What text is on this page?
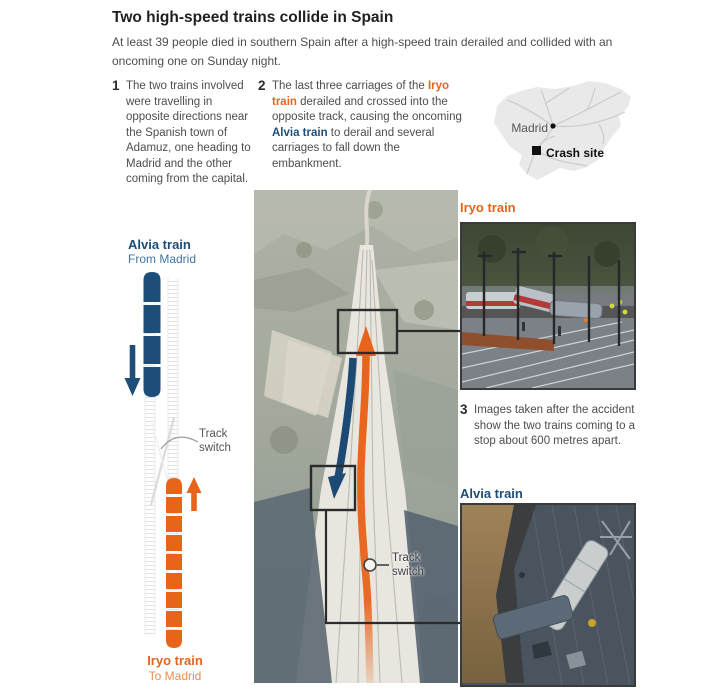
Two high-speed trains collide in Spain
At least 39 people died in southern Spain after a high-speed train derailed and collided with an oncoming one on Sunday night.
1 The two trains involved were travelling in opposite directions near the Spanish town of Adamuz, one heading to Madrid and the other coming from the capital.
2 The last three carriages of the Iryo train derailed and crossed into the opposite track, causing the oncoming Alvia train to derail and several carriages to fall down the embankment.
Madrid
Crash site
Alvia train
From Madrid
Track switch
Iryo train
To Madrid
Track switch
Iryo train
3 Images taken after the accident show the two trains coming to a stop about 600 metres apart.
Alvia train
